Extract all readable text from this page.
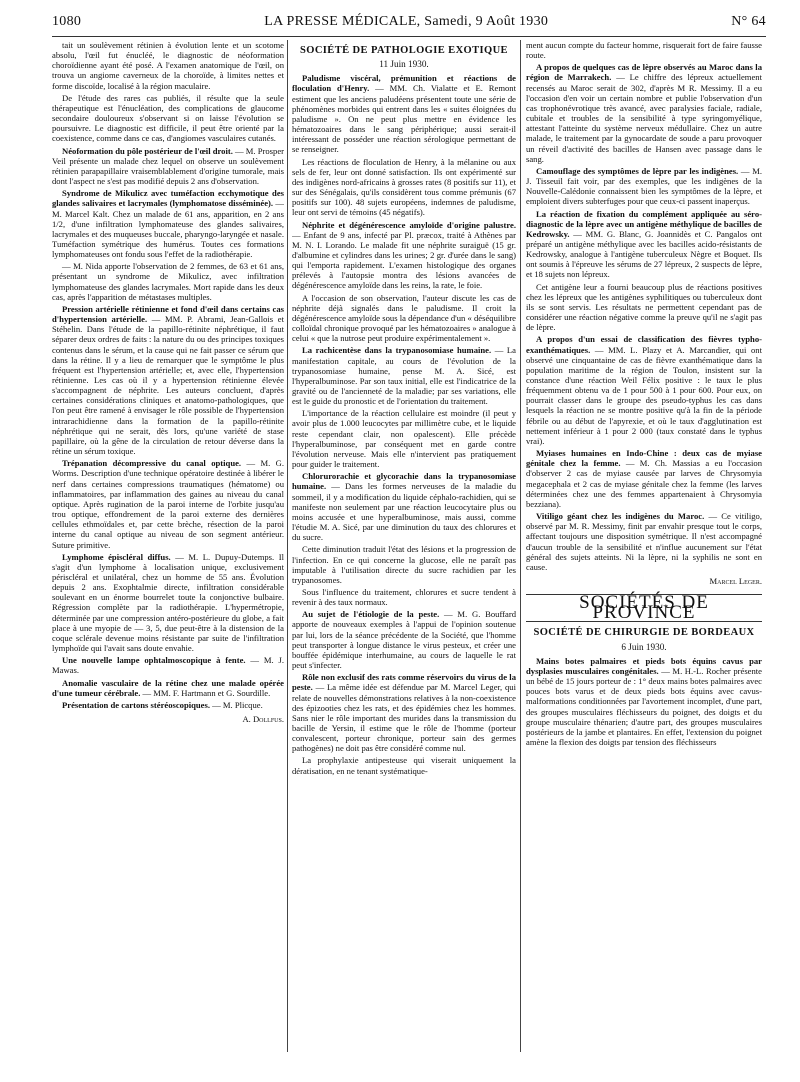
1080	LA PRESSE MÉDICALE, Samedi, 9 Août 1930	N° 64

tait un soulèvement rétinien à évolution lente et un scotome absolu, l'œil fut énucléé, le diagnostic de néoformation choroïdienne ayant été posé. A l'examen anatomique de l'œil, on trouva un angiome caverneux de la choroïde, à limites nettes et forme discoïde, localisé à la région maculaire.

De l'étude des rares cas publiés, il résulte que la seule thérapeutique est l'énucléation, des complications de glaucome secondaire douloureux s'observant si on laisse l'évolution se poursuivre. Le diagnostic est difficile, il peut être orienté par la coexistence, comme dans ce cas, d'angiomes vasculaires cutanés.

Néoformation du pôle postérieur de l'œil droit. — M. Prosper Veil présente un malade chez lequel on observe un soulèvement rétinien parapapillaire vraisemblablement d'origine tumorale, mais dont l'aspect ne s'est pas modifié depuis 2 ans d'observation.

Syndrome de Mikulicz avec tuméfaction ecchymotique des glandes salivaires et lacrymales (lymphomatose disséminée). — M. Marcel Kalt. Chez un malade de 61 ans, apparition, en 2 ans 1/2, d'une infiltration lymphomateuse des glandes salivaires, lacrymales et des muqueuses buccale, pharyngo-laryngée et nasale. Tuméfaction symétrique des humérus. Toutes ces formations lymphomateuses ont fondu sous l'effet de la radiothérapie.

— M. Nida apporte l'observation de 2 femmes, de 63 et 61 ans, présentant un syndrome de Mikulicz, avec infiltration lymphomateuse des glandes lacrymales. Mort rapide dans les deux cas, après l'apparition de métastases multiples.

Pression artérielle rétinienne et fond d'œil dans certains cas d'hypertension artérielle. — MM. P. Abrami, Jean-Gallois et Stéhelin. Dans l'étude de la papillo-rétinite néphrétique, il faut séparer deux ordres de faits : la nature du ou des principes toxiques contenus dans le sérum, et la cause qui ne fait passer ce sérum que dans la rétine. Il y a lieu de remarquer que le symptôme le plus fréquent est l'hypertension artérielle; et, avec elle, l'hypertension rétinienne. Les cas où il y a hypertension rétinienne élevée s'accompagnent de néphrite. Les auteurs concluent, d'après certaines considérations cliniques et anatomo-pathologiques, que l'on peut être ramené à envisager le rôle possible de l'hypertension intrarachidienne dans la formation de la papillo-rétinite néphrétique qui ne serait, dès lors, qu'une variété de stase papillaire, où la gêne de la circulation de retour déverse dans la rétine un sérum toxique.

Trépanation décompressive du canal optique. — M. G. Worms. Description d'une technique opératoire destinée à libérer le nerf dans certaines compressions traumatiques (hématome) ou inflammatoires, par inflammation des gaines au niveau du canal optique. Après rugination de la paroi interne de l'orbite jusqu'au trou optique, effondrement de la paroi externe des dernières cellules ethmoïdales et, par cette brèche, résection de la paroi interne du canal optique au niveau de son segment antérieur. Suture primitive.

Lymphome épiscléral diffus. — M. L. Dupuy-Dutemps. Il s'agit d'un lymphome à localisation unique, exclusivement périscléral et unilatéral, chez un homme de 55 ans. Évolution depuis 2 ans. Exophtalmie directe, infiltration considérable soulevant en un énorme bourrelet toute la conjonctive bulbaire. Régression complète par la radiothérapie. L'hypermétropie, déterminée par une compression antéro-postérieure du globe, a fait place à une myopie de — 3, 5, due peut-être à la distension de la coque sclérale devenue moins résistante par suite de l'infiltration lymphoïde qui l'avait sans doute envahie.

Une nouvelle lampe ophtalmoscopique à fente. — M. J. Mawas.

Anomalie vasculaire de la rétine chez une malade opérée d'une tumeur cérébrale. — MM. F. Hartmann et G. Sourdille.

Présentation de cartons stéréoscopiques. — M. Plicque.

A. Dollfus.

SOCIÉTÉ DE PATHOLOGIE EXOTIQUE
11 Juin 1930.

Paludisme viscéral, prémunition et réactions de floculation d'Henry. — MM. Ch. Vialatte et E. Remont estiment que les anciens paludéens présentent toute une série de phénomènes morbides qui entrent dans les « suites éloignées du paludisme ». On ne peut plus mettre en évidence les hématozoaires dans le sang périphérique; aussi serait-il intéressant de posséder une réaction sérologique permettant de se renseigner.

Les réactions de floculation de Henry, à la mélanine ou aux sels de fer, leur ont donné satisfaction. Ils ont expérimenté sur des indigènes nord-africains à grosses rates (8 positifs sur 11), et sur des Sénégalais, qu'ils considèrent tous comme prémunis (67 positifs sur 100). 48 sujets européens, indemnes de paludisme, leur ont servi de témoins (45 négatifs).

Néphrite et dégénérescence amyloïde d'origine palustre. — Enfant de 9 ans, infecté par Pl. præcox, traité à Athènes par M. N. I. Lorando. Le malade fit une néphrite suraiguë (15 gr. d'albumine et cylindres dans les urines; 2 gr. d'urée dans le sang) qui l'emporta rapidement. L'examen histologique des organes prélevés à l'autopsie montra des lésions avancées de dégénérescence amyloïde dans les reins, la rate, le foie.

A l'occasion de son observation, l'auteur discute les cas de néphrite déjà signalés dans le paludisme. Il croit la dégénérescence amyloïde sous la dépendance d'un « déséquilibre colloïdal chronique provoqué par les hématozoaires » analogue à celui « que la nutrose peut produire expérimentalement ».

La rachicentèse dans la trypanosomiase humaine. — La manifestation capitale, au cours de l'évolution de la trypanosomiase humaine, pense M. A. Sicé, est l'hyperalbuminose. Par son taux initial, elle est l'indicatrice de la gravité ou de l'ancienneté de la maladie; par ses variations, elle est le guide du pronostic et de l'orientation du traitement.

L'importance de la réaction cellulaire est moindre (il peut y avoir plus de 1.000 leucocytes par millimètre cube, et le liquide reste cependant clair, non opalescent). Elle précède l'hyperalbuminose, par conséquent met en garde contre l'évolution nerveuse. Mais elle n'intervient pas pratiquement pour guider le traitement.

Chlorurorachie et glycorachie dans la trypanosomiase humaine. — Dans les formes nerveuses de la maladie du sommeil, il y a modification du liquide céphalo-rachidien, qui se manifeste non seulement par une réaction leucocytaire plus ou moins accusée et une hyperalbuminose, mais aussi, comme l'étudie M. A. Sicé, par une diminution du taux des chlorures et du sucre.

Cette diminution traduit l'état des lésions et la progression de l'infection. En ce qui concerne la glucose, elle ne paraît pas imputable à l'utilisation directe du sucre rachidien par les trypanosomes.

Sous l'influence du traitement, chlorures et sucre tendent à revenir à des taux normaux.

Au sujet de l'étiologie de la peste. — M. G. Bouffard apporte de nouveaux exemples à l'appui de l'opinion soutenue par lui, lors de la séance précédente de la Société, que l'homme peut transporter à longue distance le virus pesteux, et créer une bouffée épidémique interhumaine, au cours de laquelle le rat peut s'infecter.

Rôle non exclusif des rats comme réservoirs du virus de la peste. — La même idée est défendue par M. Marcel Leger, qui relate de nouvelles démonstrations relatives à la non-coexistence des épizooties chez les rats, et des épidémies chez les hommes. Sans nier le rôle important des murides dans la transmission du bacille de Yersin, il estime que le rôle de l'homme (porteur convalescent, porteur chronique, porteur sain des germes pathogènes) ne doit pas être considéré comme nul.

La prophylaxie antipesteuse qui viserait uniquement la dératisation, en ne tenant systématique-

ment aucun compte du facteur homme, risquerait fort de faire fausse route.

A propos de quelques cas de lèpre observés au Maroc dans la région de Marrakech. — Le chiffre des lépreux actuellement recensés au Maroc serait de 302, d'après M R. Messimy. Il a eu l'occasion d'en voir un certain nombre et publie l'observation d'un cas trophonévrotique très avancé, avec paralysies faciale, radiale, cubitale et troubles de la sensibilité à type syringomyélique, attestant l'atteinte du système nerveux médullaire. Chez un autre malade, le traitement par la gynocardate de soude a paru provoquer un réveil d'activité des bacilles de Hansen avec passage dans le sang.

Camouflage des symptômes de lèpre par les indigènes. — M. J. Tisseuil fait voir, par des exemples, que les indigènes de la Nouvelle-Calédonie connaissent bien les symptômes de la lèpre, et emploient divers subterfuges pour que ceux-ci passent inaperçus.

La réaction de fixation du complément appliquée au séro-diagnostic de la lèpre avec un antigène méthylique de bacilles de Kedrowsky. — MM. G. Blanc, G. Joannidès et C. Pangalos ont préparé un antigène méthylique avec les bacilles acido-résistants de Kedrowsky, analogue à l'antigène tuberculeux Nègre et Boquet. Ils ont soumis à l'épreuve les sérums de 27 lépreux, 2 suspects de lèpre, et 18 sujets non lépreux.

Cet antigène leur a fourni beaucoup plus de réactions positives chez les lépreux que les antigènes syphilitiques ou tuberculeux dont ils se sont servis. Les résultats ne permettent cependant pas de considérer une réaction négative comme la preuve qu'il ne s'agit pas de lèpre.

A propos d'un essai de classification des fièvres typho-exanthématiques. — MM. L. Plazy et A. Marcandier, qui ont observé une cinquantaine de cas de fièvre exanthématique dans la population maritime de la région de Toulon, insistent sur la constance d'une réaction Weil Félix positive : le taux le plus fréquemment obtenu va de 1 pour 500 à 1 pour 600. Pour eux, on pourrait classer dans le groupe des pseudo-typhus les cas dans lesquels la réaction ne se montre positive qu'à la fin de la période fébrile ou au début de l'apyrexie, et où le taux d'agglutination est nettement inférieur à 1 pour 2 000 (taux constaté dans le typhus vrai).

Myiases humaines en Indo-Chine : deux cas de myiase génitale chez la femme. — M. Ch. Massias a eu l'occasion d'observer 2 cas de myiase causée par larves de Chrysomyia megacephala et 2 cas de myiase génitale chez la femme (les larves déterminées chez une des femmes appartenaient à Chrysomyia bezziana).

Vitiligo géant chez les indigènes du Maroc. — Ce vitiligo, observé par M. R. Messimy, finit par envahir presque tout le corps, affectant toujours une disposition symétrique. Il n'est accompagné d'aucun trouble de la sensibilité et n'influe aucunement sur l'état général des sujets atteints. Ni la lèpre, ni la syphilis ne sont en cause.

Marcel Leger.

SOCIÉTÉS DE PROVINCE
SOCIÉTÉ DE CHIRURGIE DE BORDEAUX
6 Juin 1930.

Mains botes palmaires et pieds bots équins cavus par dysplasies musculaires congénitales. — M. H.-L. Rocher présente un bébé de 15 jours porteur de : 1° deux mains botes palmaires avec pouces bots varus et de deux pieds bots équins avec cavus-malformations conditionnées par l'avortement incomplet, d'une part, des groupes musculaires fléchisseurs du poignet, des doigts et du groupe musculaire thénarien; d'autre part, des groupes musculaires postérieurs de la jambe et plantaires. En effet, l'extension du poignet amène la flexion des doigts par tension des fléchisseurs
